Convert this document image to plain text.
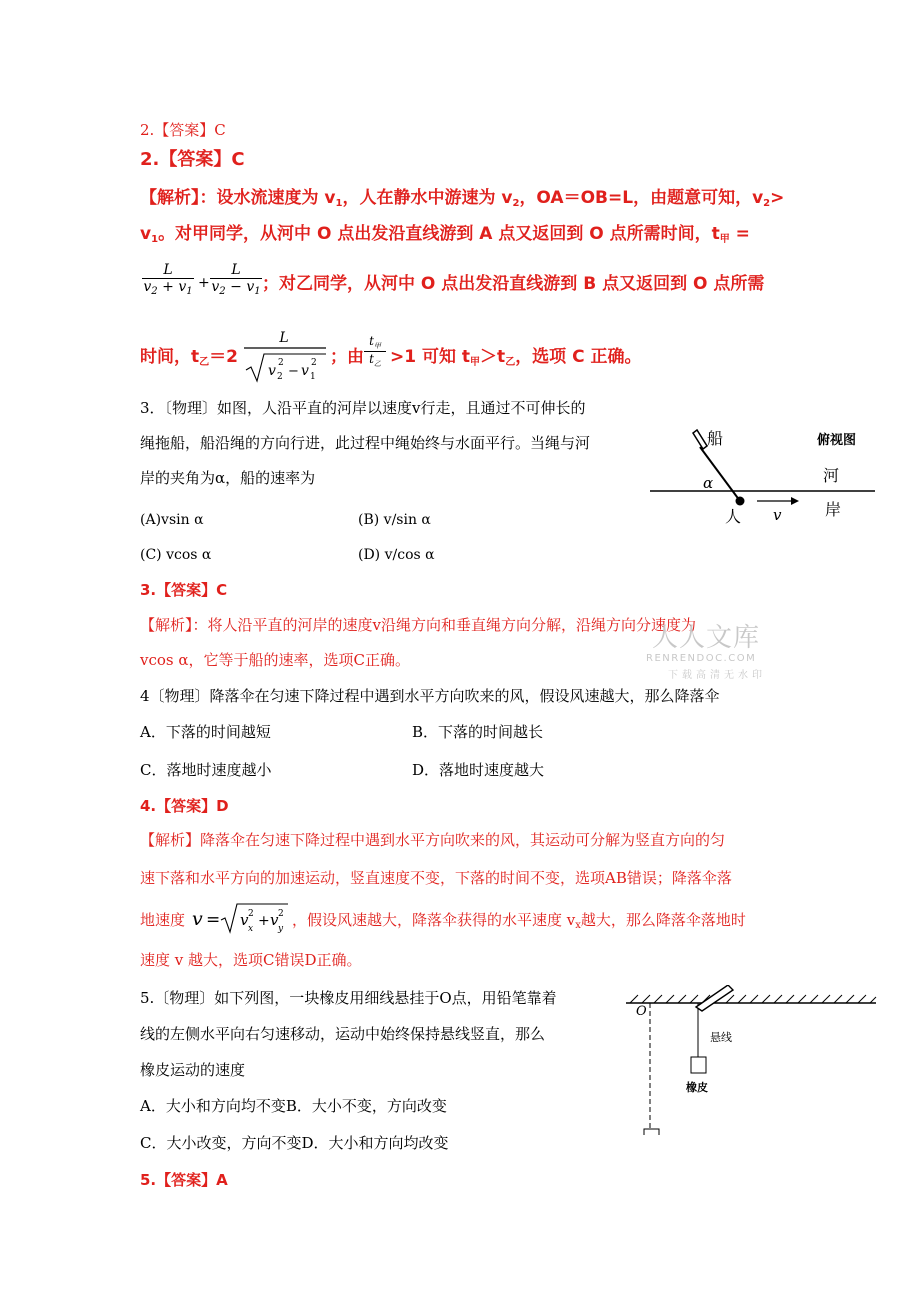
2.【答案】C
2.【答案】C
【解析】：设水流速度为 $v_1$，人在静水中游速为 $v_2$，OA＝OB=L，由题意可知，$v_2>$
$v_1$。对甲同学，从河中 O 点出发沿直线游到 A 点又返回到 O 点所需时间，$t_甲$ =
L
$v_2 + v_1$
+
L
$v_2 - v_1$ ；对乙同学，从河中 O 点出发沿直线游到 B 点又返回到 O 点所需
时间，$t_乙=2$
L
v 2
2
− v 1
2 ；由
$t_甲$
$t_乙 >1$ 可知 $t_甲>t_乙$，选项 C 正确。
3．〔物理〕如图，人沿平直的河岸以速度v行走，且通过不可伸长的
绳拖船，船沿绳的方向行进，此过程中绳始终与水面平行。当绳与河
岸的夹角为α，船的速率为
(A)vsin α	(B) v∕sin α
(C) vcos α	(D) v∕cos α
3.【答案】C
【解析】：将人沿平直的河岸的速度v沿绳方向和垂直绳方向分解，沿绳方向分速度为
vcos α，它等于船的速率，选项C正确。
船	俯视图
河
岸
人 v
α
人人文库
RENRENDOC.COM
下载高清无水印
4〔物理〕降落伞在匀速下降过程中遇到水平方向吹来的风，假设风速越大，那么降落伞
A．下落的时间越短	B．下落的时间越长
C．落地时速度越小	D．落地时速度越大
4.【答案】D
【解析】降落伞在匀速下降过程中遇到水平方向吹来的风，其运动可分解为竖直方向的匀
速下落和水平方向的加速运动，竖直速度不变，下落的时间不变，选项AB错误；降落伞落
地速度 v = v x
2 + v y
2 ，假设风速越大，降落伞获得的水平速度 $v_x$越大，那么降落伞落地时
速度 v 越大，选项C错误D正确。
5.〔物理〕如下列图，一块橡皮用细线悬挂于O点，用铅笔靠着
线的左侧水平向右匀速移动，运动中始终保持悬线竖直，那么
橡皮运动的速度
A．大小和方向均不变B．大小不变，方向改变
C．大小改变，方向不变D．大小和方向均改变
5.【答案】A
O
悬线
橡皮
